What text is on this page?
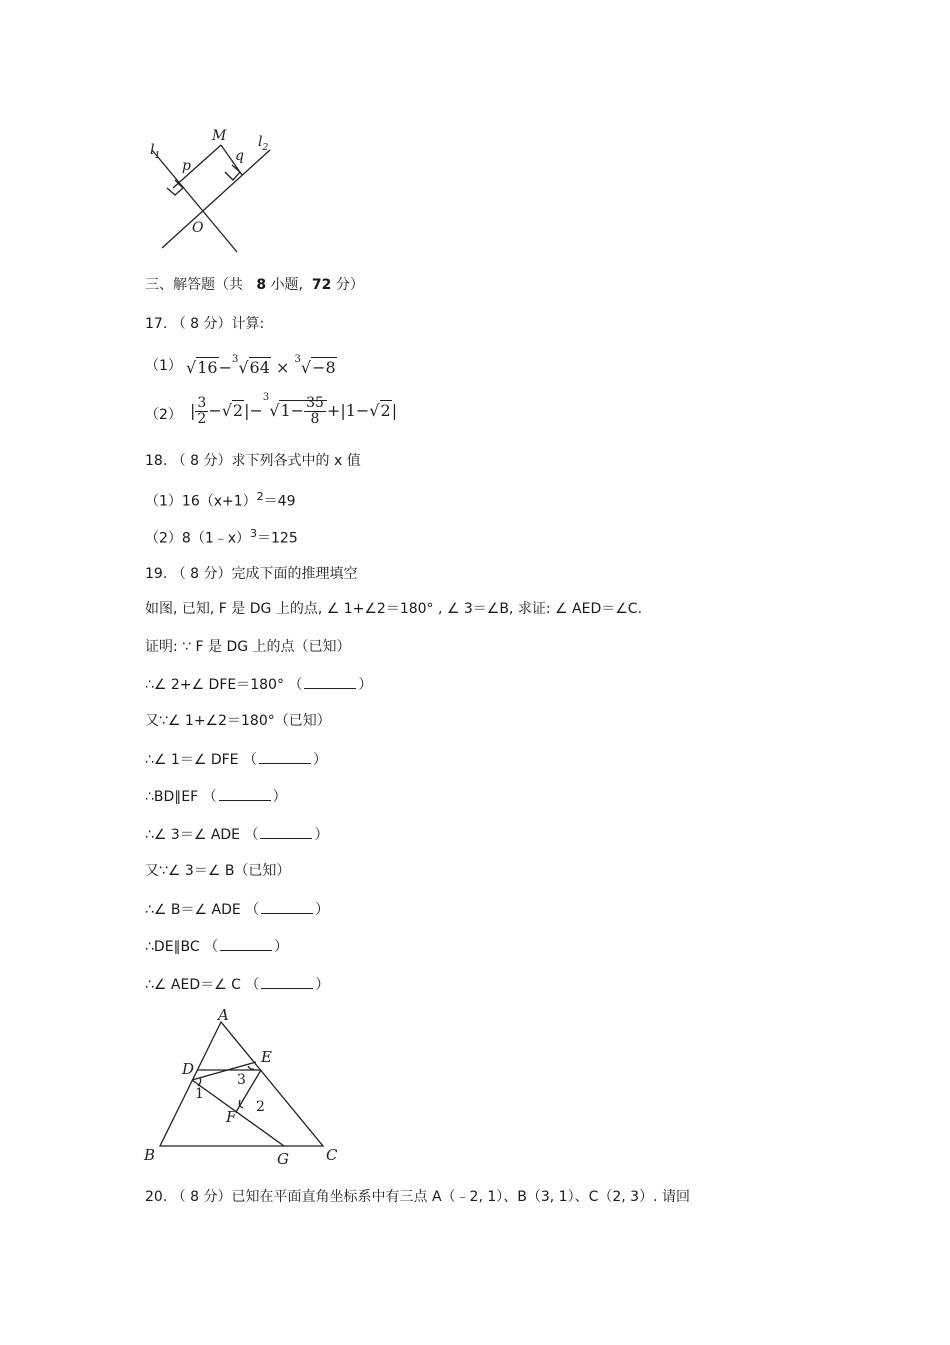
$l_1$
$l_2$
M
p
q
O
三、解答题（共 8 小题, 72 分）
17. （ 8 分）计算:
（1） √16−$^3$√64 × $^3$√−8
（2） | $\frac{3}{2} -√2|-^3√1- \frac{35}{8} +|1-√2|$
18. （ 8 分）求下列各式中的 x 值
$(1)16(x+1)^2=49$
（2）8（1﹣x）$^3$＝125
19. （ 8 分）完成下面的推理填空
如图, 已知, F 是 DG 上的点, ∠ 1+∠2＝180° , ∠ 3＝∠B, 求证: ∠ AED＝∠C.
证明: ∵ F 是 DG 上的点（已知）
∴∠ 2+∠ DFE＝180° （	）
又∵∠ 1+∠2＝180°（已知）
∴∠ 1＝∠ DFE （	）
∴BD∥EF （	）
∴∠ 3＝∠ ADE （	）
又∵∠ 3＝∠ B（已知）
∴∠ B＝∠ ADE （	）
∴DE∥BC （	）
∴∠ AED＝∠ C （	）
A
B	C
D
E
F
G
1
2
3
20. （ 8 分）已知在平面直角坐标系中有三点 A（﹣2, 1）、B（3, 1）、C（2, 3）. 请回
